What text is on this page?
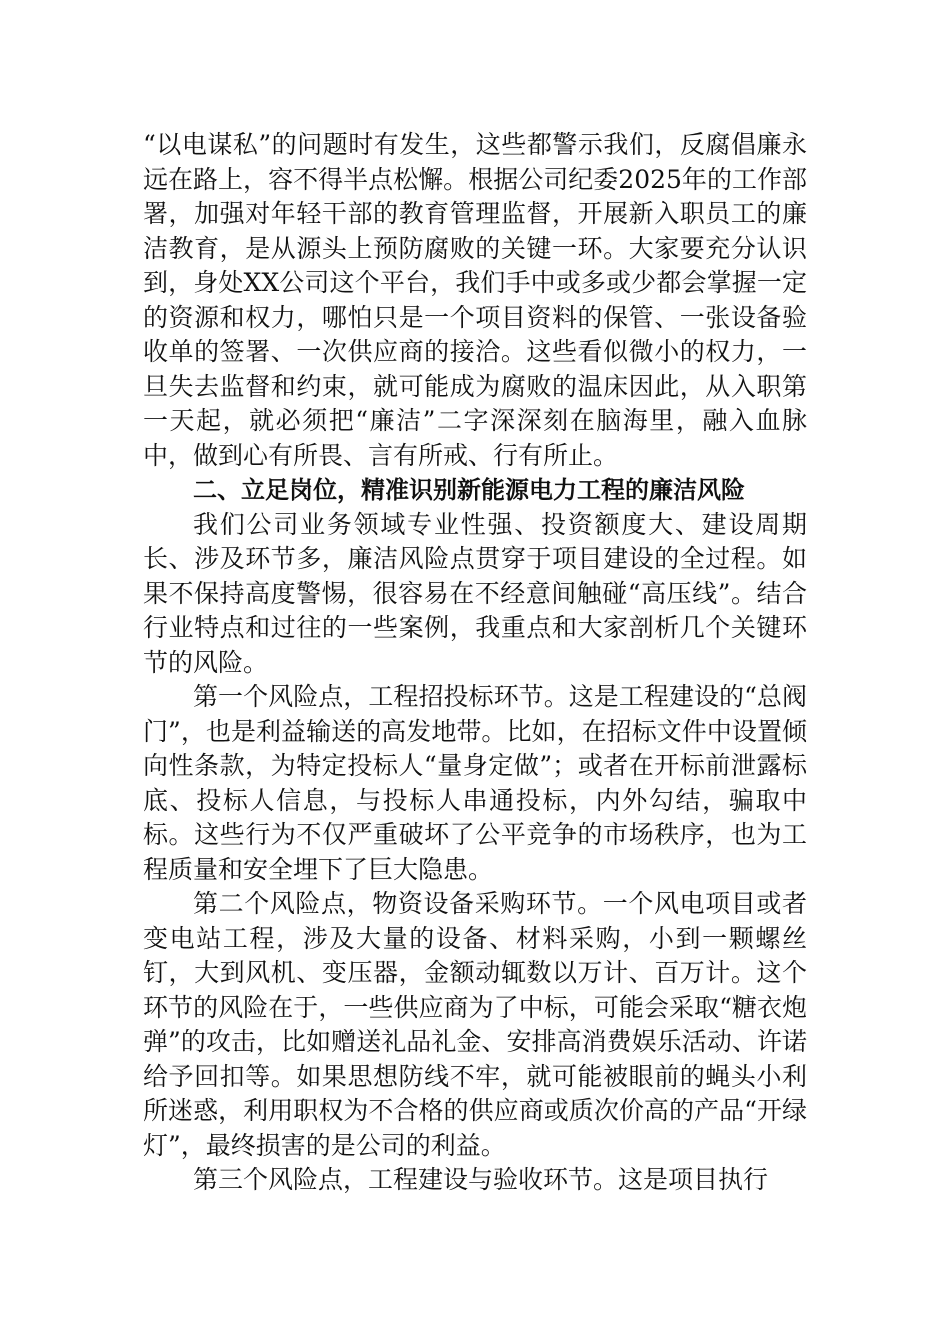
“以电谋私”的问题时有发生，这些都警示我们，反腐倡廉永远在路上，容不得半点松懈。根据公司纪委2025年的工作部署，加强对年轻干部的教育管理监督，开展新入职员工的廉洁教育，是从源头上预防腐败的关键一环。大家要充分认识到，身处XX公司这个平台，我们手中或多或少都会掌握一定的资源和权力，哪怕只是一个项目资料的保管、一张设备验收单的签署、一次供应商的接洽。这些看似微小的权力，一旦失去监督和约束，就可能成为腐败的温床因此，从入职第一天起，就必须把“廉洁”二字深深刻在脑海里，融入血脉中，做到心有所畏、言有所戒、行有所止。

二、立足岗位，精准识别新能源电力工程的廉洁风险

我们公司业务领域专业性强、投资额度大、建设周期长、涉及环节多，廉洁风险点贯穿于项目建设的全过程。如果不保持高度警惕，很容易在不经意间触碰“高压线”。结合行业特点和过往的一些案例，我重点和大家剖析几个关键环节的风险。

第一个风险点，工程招投标环节。这是工程建设的“总阀门”，也是利益输送的高发地带。比如，在招标文件中设置倾向性条款，为特定投标人“量身定做”；或者在开标前泄露标底、投标人信息，与投标人串通投标，内外勾结，骗取中标。这些行为不仅严重破坏了公平竞争的市场秩序，也为工程质量和安全埋下了巨大隐患。

第二个风险点，物资设备采购环节。一个风电项目或者变电站工程，涉及大量的设备、材料采购，小到一颗螺丝钉，大到风机、变压器，金额动辄数以万计、百万计。这个环节的风险在于，一些供应商为了中标，可能会采取“糖衣炮弹”的攻击，比如赠送礼品礼金、安排高消费娱乐活动、许诺给予回扣等。如果思想防线不牢，就可能被眼前的蝇头小利所迷惑，利用职权为不合格的供应商或质次价高的产品“开绿灯”，最终损害的是公司的利益。

第三个风险点，工程建设与验收环节。这是项目执行
